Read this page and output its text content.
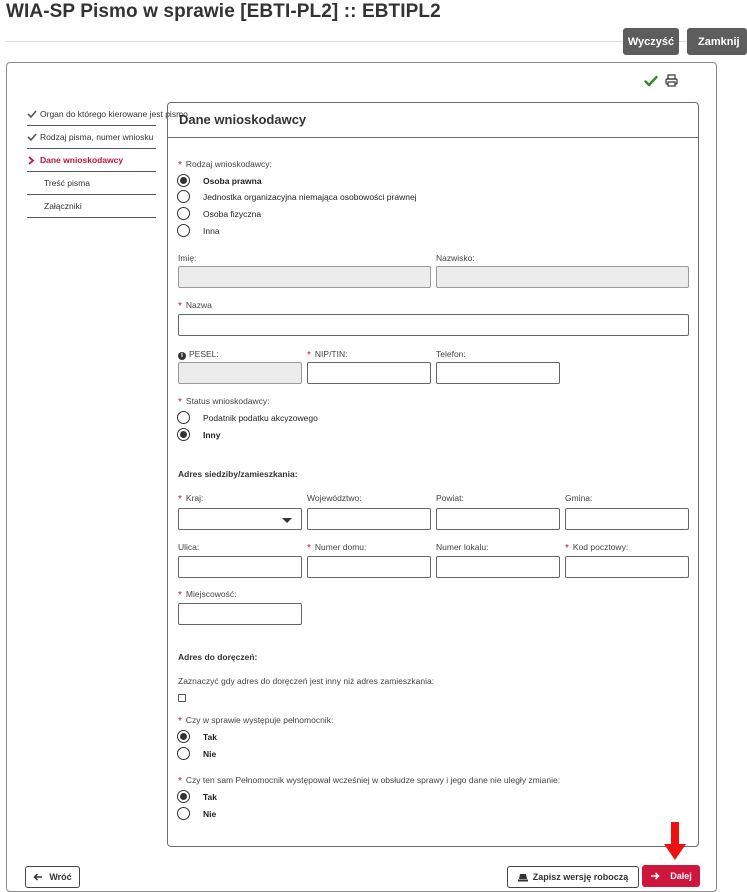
WIA-SP Pismo w sprawie [EBTI-PL2] :: EBTIPL2
Wyczyść	Zamknij
Organ do którego kierowane jest pismo
Rodzaj pisma, numer wniosku
Dane wnioskodawcy
Treść pisma
Załączniki
Dane wnioskodawcy
* Rodzaj wnioskodawcy:
Osoba prawna
Jednostka organizacyjna niemająca osobowości prawnej
Osoba fizyczna
Inna
Imię:	Nazwisko:
* Nazwa
i PESEL:	* NIP/TIN:	Telefon:
* Status wnioskodawcy:
Podatnik podatku akcyzowego
Inny
Adres siedziby/zamieszkania:
* Kraj:	Województwo:	Powiat:	Gmina:
Ulica:	* Numer domu:	Numer lokalu:	* Kod pocztowy:
* Miejscowość:
Adres do doręczeń:
Zaznaczyć gdy adres do doręczeń jest inny niż adres zamieszkania:
* Czy w sprawie występuje pełnomocnik:
Tak
Nie
* Czy ten sam Pełnomocnik występował wcześniej w obsłudze sprawy i jego dane nie uległy zmianie:
Tak
Nie
Wróć	Zapisz wersję roboczą	Dalej
